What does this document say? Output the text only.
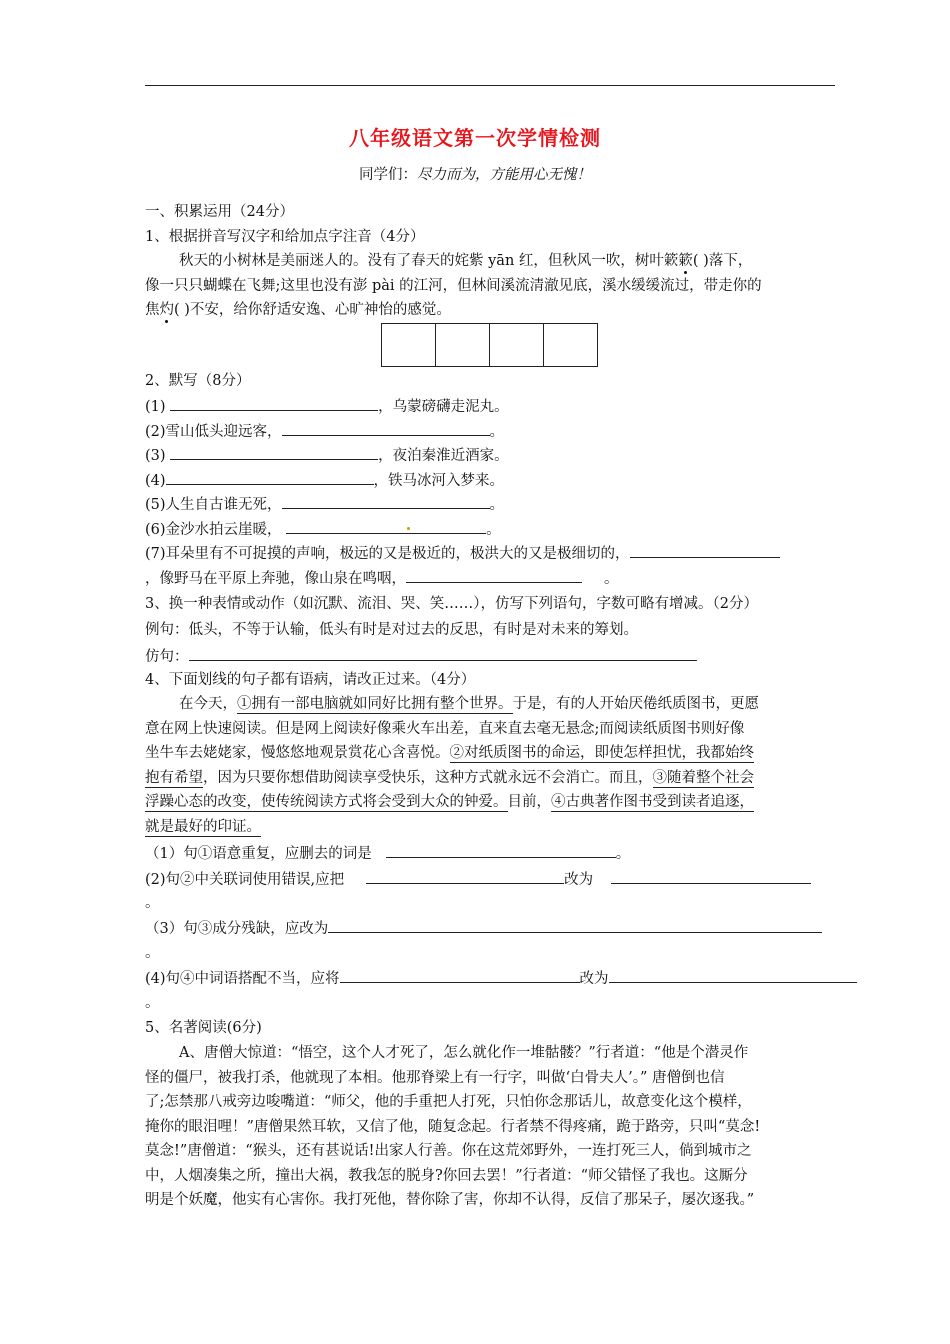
八年级语文第一次学情检测
同学们：尽力而为，方能用心无愧！
一、积累运用（24分）
1、根据拼音写汉字和给加点字注音（4分）
秋天的小树林是美丽迷人的。没有了春天的姹紫 yān 红，但秋风一吹，树叶簌簌( )落下，
像一只只蝴蝶在飞舞;这里也没有澎 pài 的江河，但林间溪流清澈见底，溪水缓缓流过，带走你的
焦灼( )不安，给你舒适安逸、心旷神怡的感觉。
2、默写（8分）
(1)	，乌蒙磅礴走泥丸。
(2)雪山低头迎远客，	。
(3)	，夜泊秦淮近酒家。
(4)	，铁马冰河入梦来。
(5)人生自古谁无死，	。
(6)金沙水拍云崖暖，	。
(7)耳朵里有不可捉摸的声响，极远的又是极近的，极洪大的又是极细切的，
，像野马在平原上奔驰，像山泉在鸣咽，	。
3、换一种表情或动作（如沉默、流泪、哭、笑……），仿写下列语句，字数可略有增减。（2分）
例句：低头，不等于认输，低头有时是对过去的反思，有时是对未来的筹划。
仿句：
4、下面划线的句子都有语病，请改正过来。（4分）
在今天，①拥有一部电脑就如同好比拥有整个世界。于是，有的人开始厌倦纸质图书，更愿
意在网上快速阅读。但是网上阅读好像乘火车出差，直来直去毫无悬念;而阅读纸质图书则好像
坐牛车去姥姥家，慢悠悠地观景赏花心含喜悦。②对纸质图书的命运，即使怎样担忧，我都始终
抱有希望，因为只要你想借助阅读享受快乐，这种方式就永远不会消亡。而且，③随着整个社会
浮躁心态的改变，使传统阅读方式将会受到大众的钟爱。目前，④古典著作图书受到读者追逐，
就是最好的印证。
（1）句①语意重复，应删去的词是	。
(2)句②中关联词使用错误,应把	改为
。
（3）句③成分残缺，应改为
。
(4)句④中词语搭配不当，应将	改为
。
5、名著阅读(6分)
A、唐僧大惊道：“悟空，这个人才死了，怎么就化作一堆骷髅？”行者道：“他是个潜灵作
怪的僵尸，被我打杀，他就现了本相。他那脊梁上有一行字，叫做‘白骨夫人’。” 唐僧倒也信
了;怎禁那八戒旁边唆嘴道：“师父，他的手重把人打死，只怕你念那话儿，故意变化这个模样，
掩你的眼泪哩！”唐僧果然耳软，又信了他，随复念起。行者禁不得疼痛，跪于路旁，只叫“莫念!
莫念!”唐僧道：“猴头，还有甚说话!出家人行善。你在这荒郊野外，一连打死三人，倘到城市之
中，人烟凑集之所，撞出大祸，教我怎的脱身?你回去罢！”行者道：“师父错怪了我也。这厮分
明是个妖魔，他实有心害你。我打死他，替你除了害，你却不认得，反信了那呆子，屡次逐我。”
